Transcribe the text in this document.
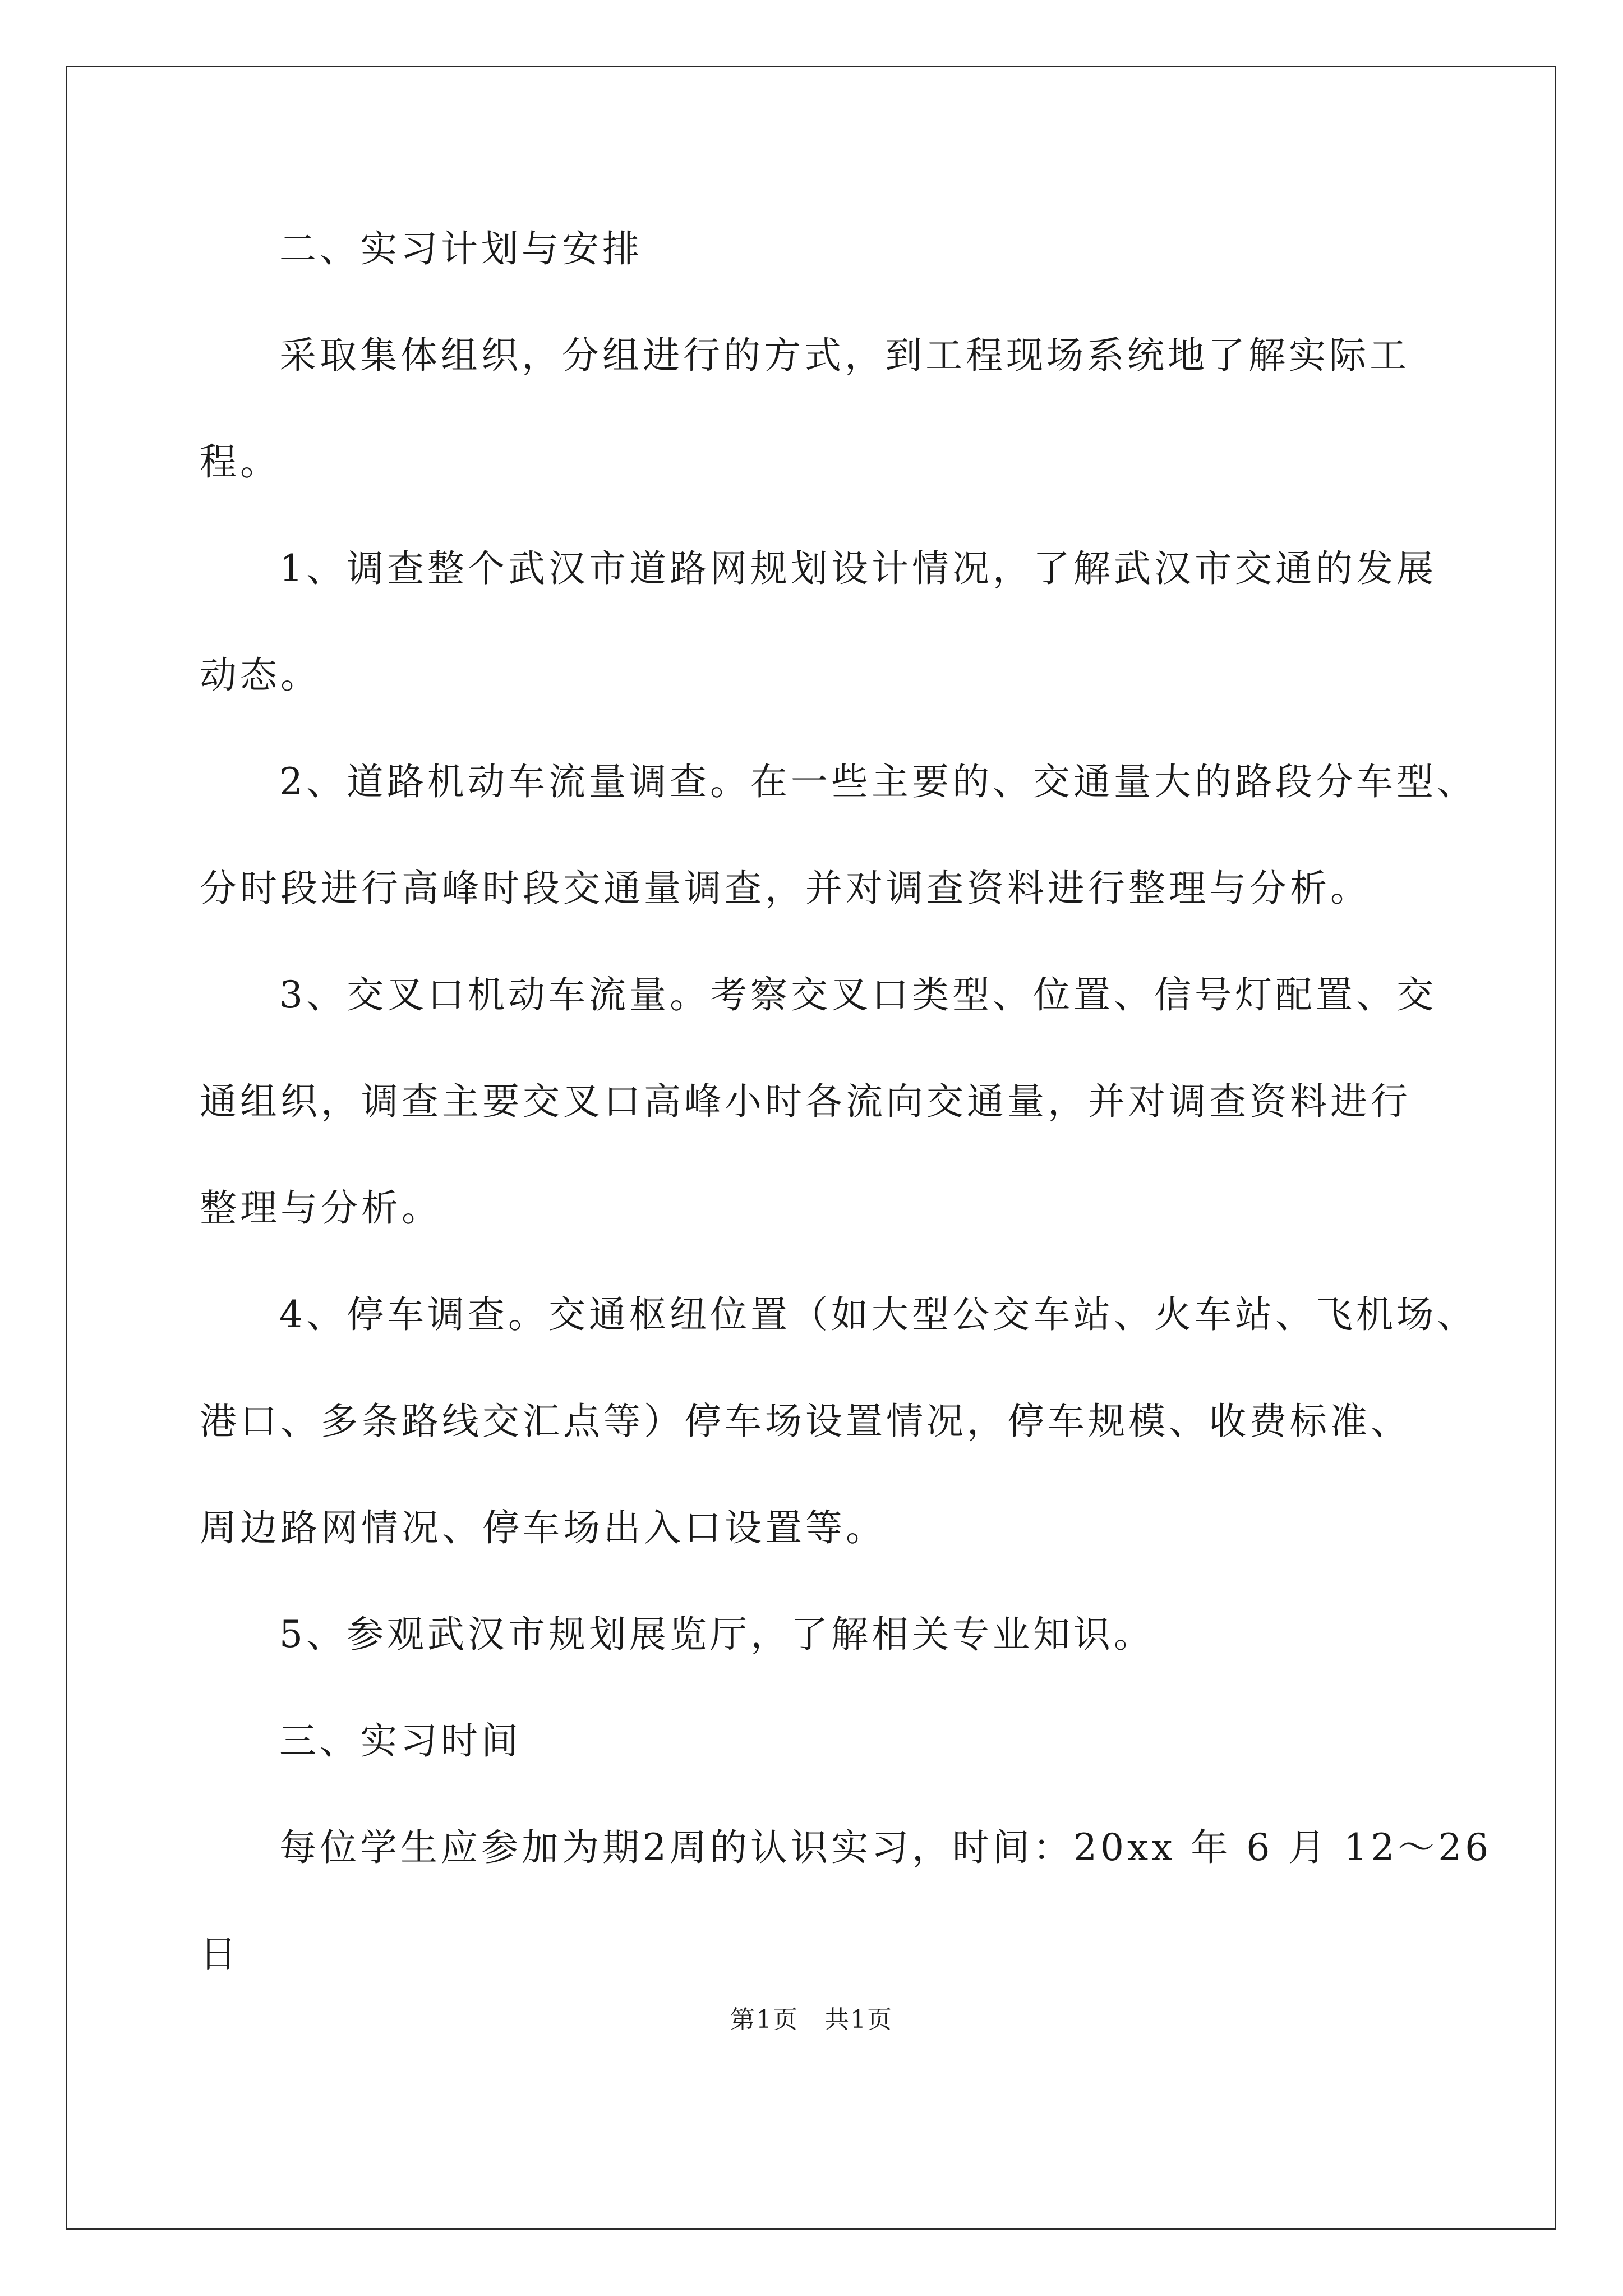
二、实习计划与安排
采取集体组织，分组进行的方式，到工程现场系统地了解实际工
程。
1、调查整个武汉市道路网规划设计情况，了解武汉市交通的发展
动态。
2、道路机动车流量调查。在一些主要的、交通量大的路段分车型、
分时段进行高峰时段交通量调查，并对调查资料进行整理与分析。
3、交叉口机动车流量。考察交叉口类型、位置、信号灯配置、交
通组织，调查主要交叉口高峰小时各流向交通量，并对调查资料进行
整理与分析。
4、停车调查。交通枢纽位置（如大型公交车站、火车站、飞机场、
港口、多条路线交汇点等）停车场设置情况，停车规模、收费标准、
周边路网情况、停车场出入口设置等。
5、参观武汉市规划展览厅，了解相关专业知识。
三、实习时间
每位学生应参加为期2周的认识实习，时间：20xx 年 6 月 12～26
日
第1页　共1页
